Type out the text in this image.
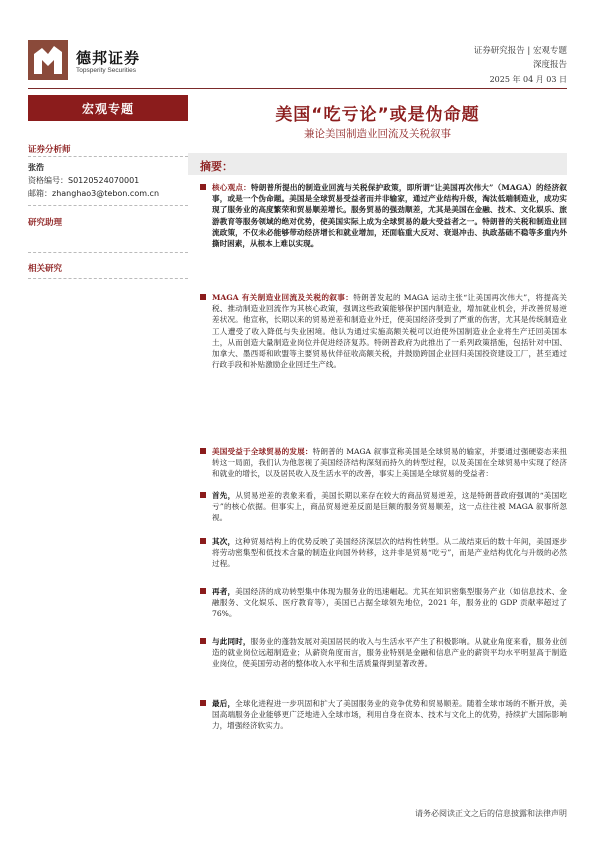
德邦证券
Topsperity Securities
证券研究报告 | 宏观专题
深度报告
2025 年 04 月 03 日
宏观专题
证券分析师
张浩
资格编号：S0120524070001
邮箱：zhanghao3@tebon.com.cn
研究助理
相关研究
美国“吃亏论”或是伪命题
兼论美国制造业回流及关税叙事
摘要：
核心观点：特朗普所提出的制造业回流与关税保护政策，即所谓“让美国再次伟大”（MAGA）的经济叙事，或是一个伪命题。美国是全球贸易受益者而并非输家，通过产业结构升级，淘汰低端制造业，成功实现了服务业的高度繁荣和贸易顺差增长。服务贸易的强劲顺差，尤其是美国在金融、技术、文化娱乐、旅游教育等服务领域的绝对优势，使美国实际上成为全球贸易的最大受益者之一。特朗普的关税和制造业回流政策，不仅未必能够带动经济增长和就业增加，还面临重大反对、衰退冲击、执政基础不稳等多重内外撕时困素，从根本上难以实现。
MAGA 有关制造业回流及关税的叙事：特朗普发起的 MAGA 运动主张“让美国再次伟大”，将提高关税、推动制造业回流作为其核心政策，强调这些政策能够保护国内制造业，增加就业机会，并改善贸易逆差状况。他宣称，长期以来的贸易逆差和制造业外迁，使美国经济受到了严重的伤害，尤其是传统制造业工人遭受了收入降低与失业困境。他认为通过实施高额关税可以迫使外国制造业企业将生产迁回美国本土，从而创造大量制造业岗位并促进经济复苏。特朗普政府为此推出了一系列政策措施，包括针对中国、加拿大、墨西哥和欧盟等主要贸易伙伴征收高额关税，并鼓励跨国企业回归美国投资建设工厂，甚至通过行政手段和补贴激励企业回迁生产线。
美国受益于全球贸易的发展：特朗普的 MAGA 叙事宣称美国是全球贸易的输家，并要通过强硬姿态来扭转这一局面，我们认为他忽视了美国经济结构深刻而持久的转型过程，以及美国在全球贸易中实现了经济和就业的增长，以及居民收入及生活水平的改善，事实上美国是全球贸易的受益者：
首先，从贸易逆差的表象来看，美国长期以来存在较大的商品贸易逆差，这是特朗普政府强调的“美国吃亏”的核心依据。但事实上，商品贸易逆差反面是巨额的服务贸易顺差，这一点往往被 MAGA 叙事所忽视。
其次，这种贸易结构上的优势反映了美国经济深层次的结构性转型。从二战结束后的数十年间，美国逐步将劳动密集型和低技术含量的制造业向国外转移，这并非是贸易“吃亏”，而是产业结构优化与升级的必然过程。
再者，美国经济的成功转型集中体现为服务业的迅速崛起。尤其在知识密集型服务产业（如信息技术、金融服务、文化娱乐、医疗教育等），美国已占据全球领先地位，2021 年，服务业的 GDP 贡献率超过了 76%。
与此同时，服务业的蓬勃发展对美国居民的收入与生活水平产生了积极影响。从就业角度来看，服务业创造的就业岗位远超制造业；从薪资角度而言，服务业特别是金融和信息产业的薪资平均水平明显高于制造业岗位，使美国劳动者的整体收入水平和生活质量得到显著改善。
最后，全球化进程进一步巩固和扩大了美国服务业的竞争优势和贸易顺差。随着全球市场的不断开放，美国高端服务企业能够更广泛地进入全球市场，利用自身在资本、技术与文化上的优势，持续扩大国际影响力，增强经济软实力。
请务必阅读正文之后的信息披露和法律声明
